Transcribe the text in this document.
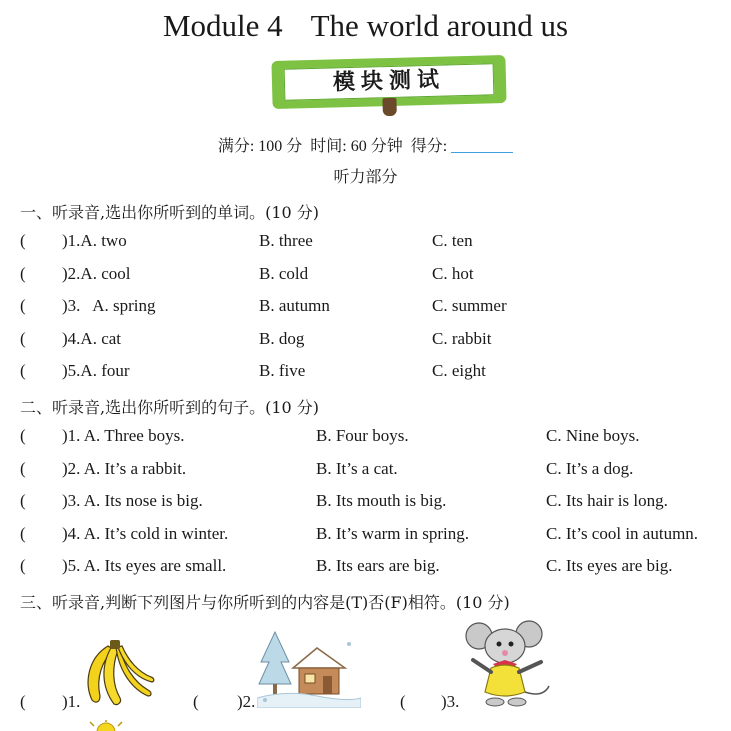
Module 4 The world around us
模块测试
满分: 100 分  时间: 60 分钟  得分:
听力部分
一、听录音,选出你所听到的单词。(10 分)
( )1.A. two	B. three	C. ten
( )2.A. cool	B. cold	C. hot
( )3.   A. spring	B. autumn	C. summer
( )4.A. cat	B. dog	C. rabbit
( )5.A. four	B. five	C. eight
二、听录音,选出你所听到的句子。(10 分)
( )1. A. Three boys.	B. Four boys.	C. Nine boys.
( )2. A. It’s a rabbit.	B. It’s a cat.	C. It’s a dog.
( )3. A. Its nose is big.	B. Its mouth is big.	C. Its hair is long.
( )4. A. It’s cold in winter.	B. It’s warm in spring.	C. It’s cool in autumn.
( )5. A. Its eyes are small.	B. Its ears are big.	C. Its eyes are big.
三、听录音,判断下列图片与你所听到的内容是(T)否(F)相符。(10 分)
( )1.	( )2.	( )3.
